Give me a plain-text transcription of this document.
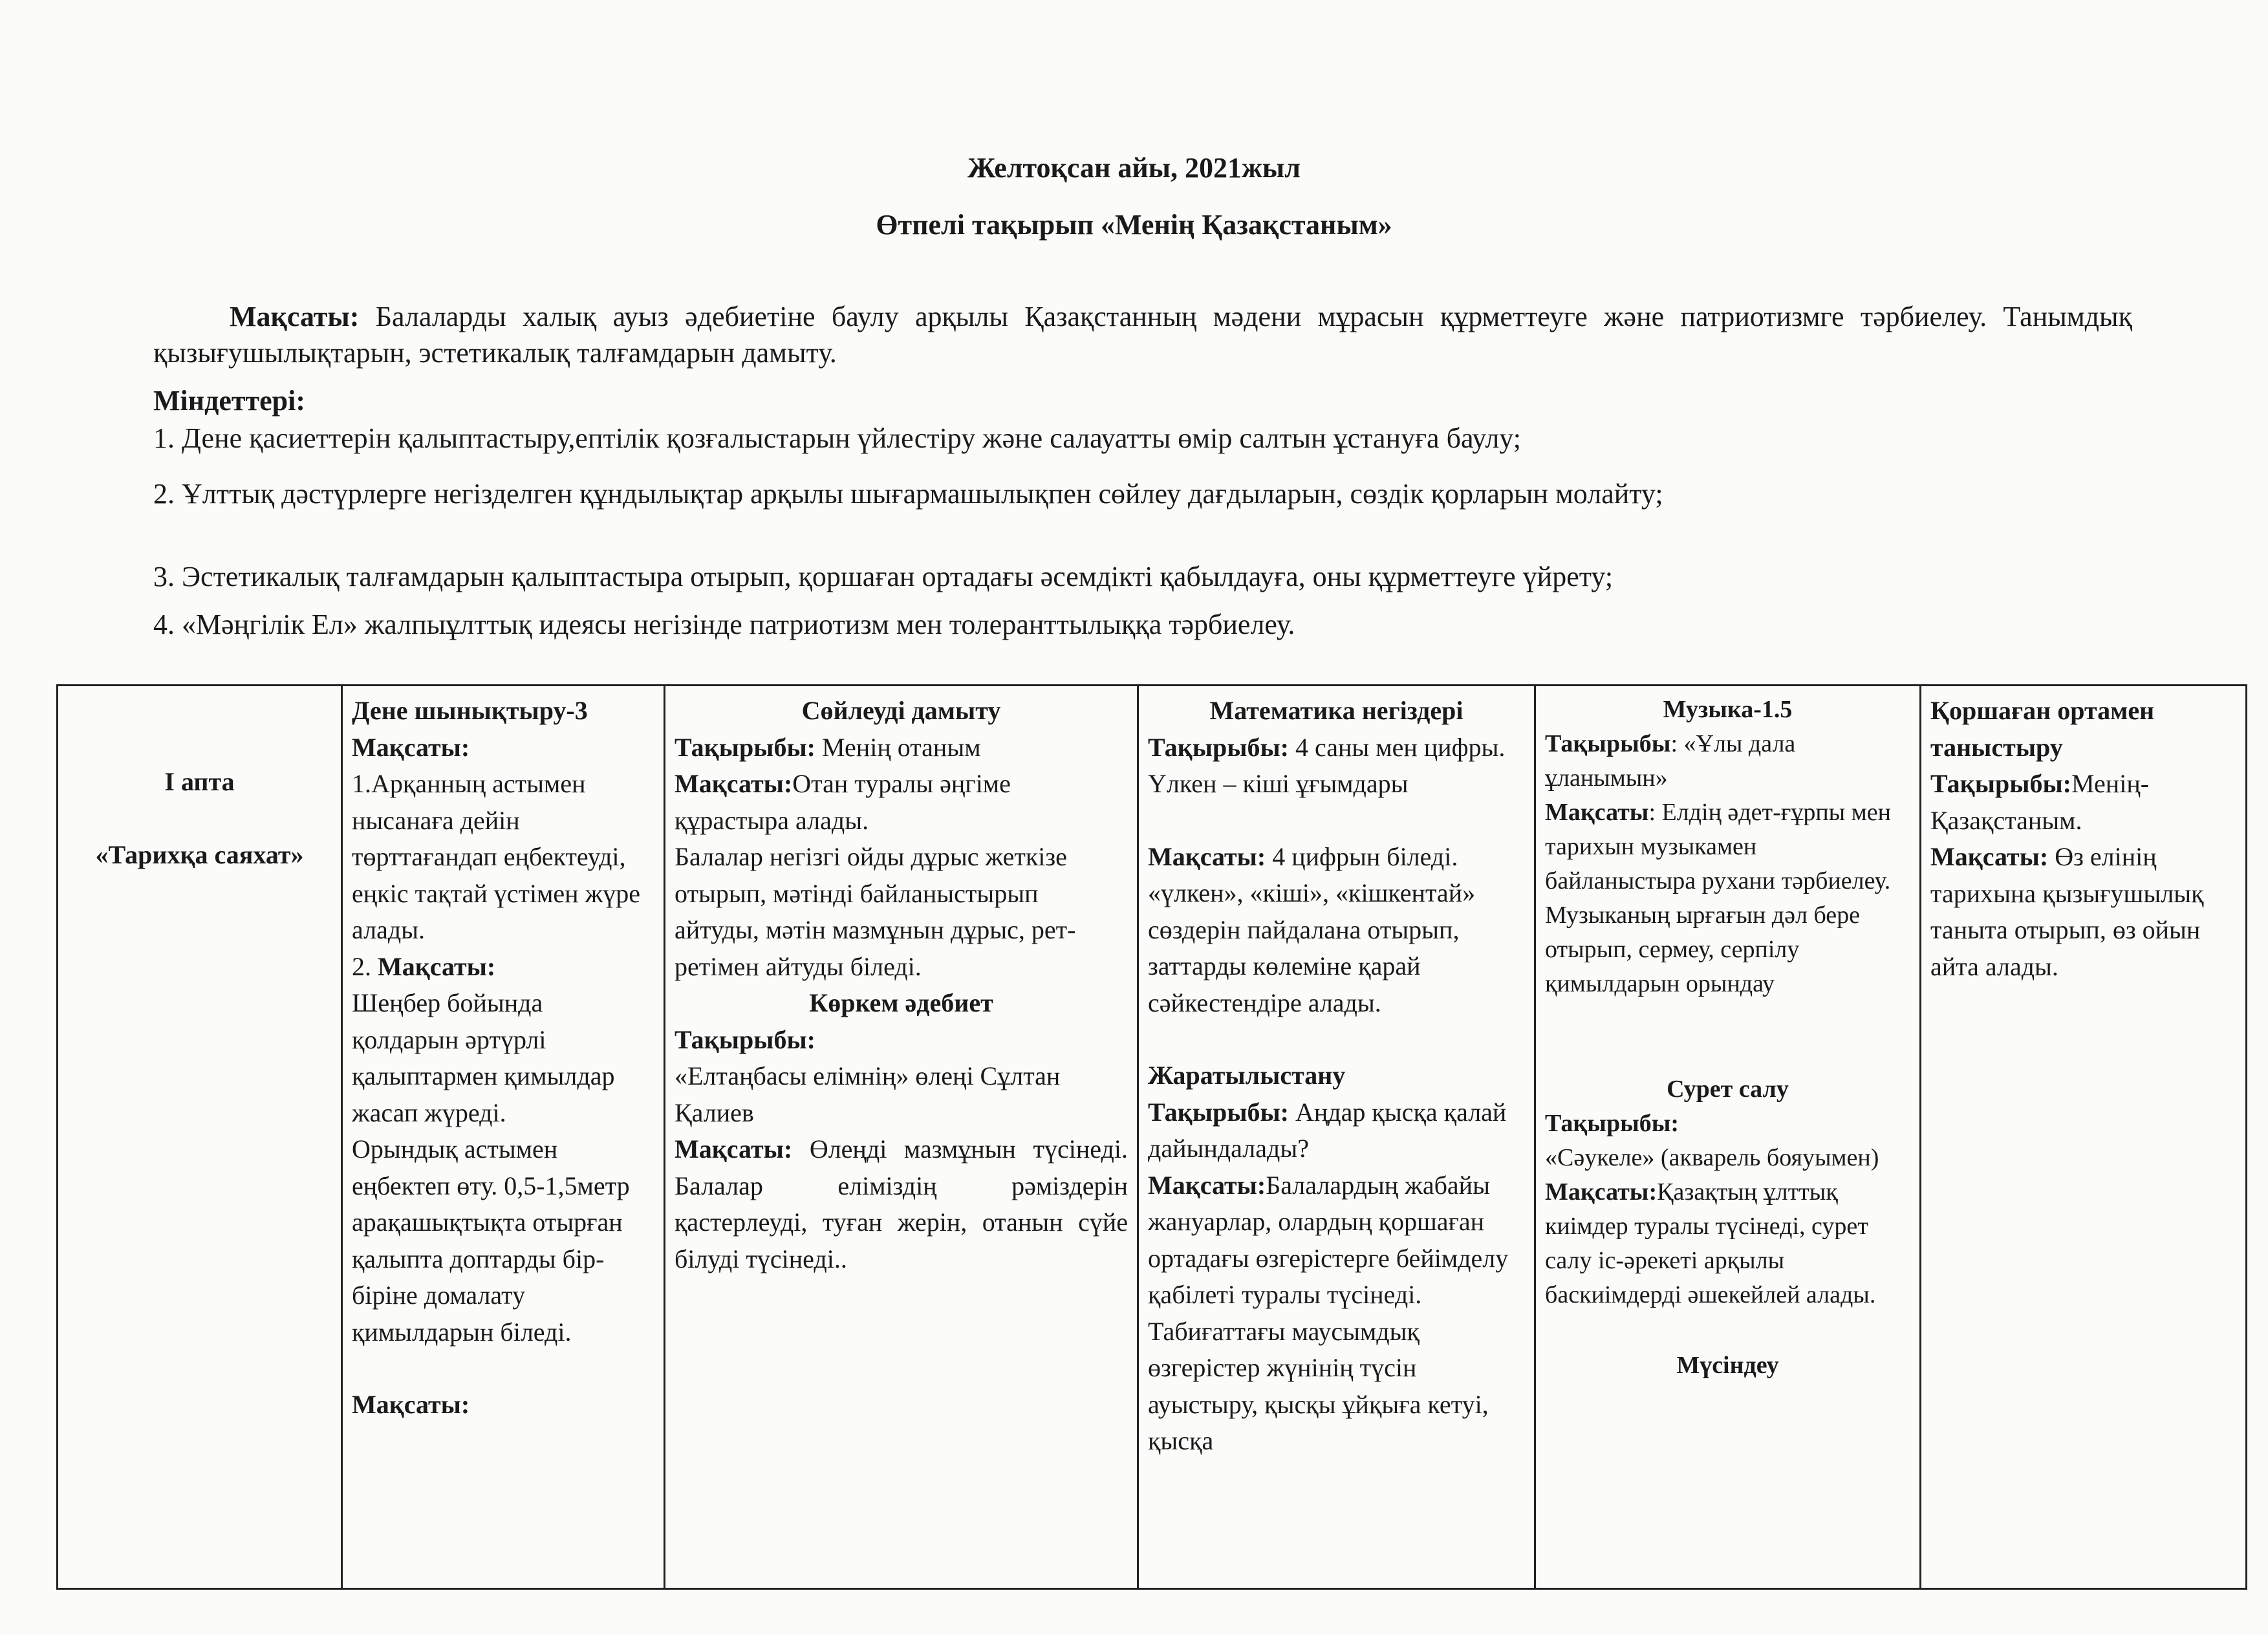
Желтоқсан айы, 2021жыл
Өтпелі тақырып «Менің Қазақстаным»
Мақсаты: Балаларды халық ауыз әдебиетіне баулу арқылы Қазақстанның мәдени мұрасын құрметтеуге және патриотизмге тәрбиелеу. Танымдық қызығушылықтарын, эстетикалық талғамдарын дамыту.
Міндеттері:
1. Дене қасиеттерін қалыптастыру,ептілік қозғалыстарын үйлестіру және салауатты өмір салтын ұстануға баулу;
2. Ұлттық дәстүрлерге негізделген құндылықтар арқылы шығармашылықпен сөйлеу дағдыларын, сөздік қорларын молайту;
3. Эстетикалық талғамдарын қалыптастыра отырып, қоршаған ортадағы әсемдікті қабылдауға, оны құрметтеуге үйрету;
4. «Мәңгілік Ел» жалпыұлттық идеясы негізінде патриотизм мен толеранттылыққа тәрбиелеу.

І апта

«Тарихқа саяхат»

Дене шынықтыру-3

Мақсаты:

1.Арқанның астымен нысанаға дейін төрттағандап еңбектеуді,

еңкіс тақтай үстімен жүре алады.

2. Мақсаты:

Шеңбер бойында қолдарын әртүрлі қалыптармен қимылдар жасап жүреді.

Орындық астымен еңбектеп өту. 0,5-1,5метр арақашықтықта отырған қалыпта доптарды бір-біріне домалату қимылдарын біледі.

Мақсаты:

Сөйлеуді дамыту

Тақырыбы: Менің отаным

Мақсаты:Отан туралы әңгіме құрастыра алады.

Балалар негізгі ойды дұрыс жеткізе отырып, мәтінді байланыстырып айтуды, мәтін мазмұнын дұрыс, рет-ретімен айтуды біледі.

Көркем әдебиет

Тақырыбы:

«Елтаңбасы елімнің» өлеңі Сұлтан Қалиев

Мақсаты: Өлеңді мазмұнын түсінеді. Балалар еліміздің рәміздерін қастерлеуді, туған жерін, отанын сүйе білуді түсінеді..

Математика негіздері

Тақырыбы: 4 саны мен цифры. Үлкен – кіші ұғымдары

Мақсаты: 4 цифрын біледі. «үлкен», «кіші», «кішкентай» сөздерін пайдалана отырып, заттарды көлеміне қарай сәйкестендіре алады.

Жаратылыстану

Тақырыбы: Аңдар қысқа қалай дайындалады?

Мақсаты:Балалардың жабайы жануарлар, олардың қоршаған ортадағы өзгерістерге бейімделу қабілеті туралы түсінеді. Табиғаттағы маусымдық өзгерістер жүнінің түсін ауыстыру, қысқы ұйқыға кетуі, қысқа

Музыка-1.5

Тақырыбы: «Ұлы дала ұланымын»

Мақсаты: Елдің әдет-ғұрпы мен тарихын музыкамен байланыстыра рухани тәрбиелеу. Музыканың ырғағын дәл бере отырып, сермеу, серпілу қимылдарын орындау

Сурет салу

Тақырыбы:

«Сәукеле» (акварель бояуымен)

Мақсаты:Қазақтың ұлттық киімдер туралы түсінеді, сурет салу іс-әрекеті арқылы баскиімдерді әшекейлей алады.

Мүсіндеу

Қоршаған ортамен таныстыру

Тақырыбы:Менің-Қазақстаным.

Мақсаты: Өз елінің тарихына қызығушылық таныта отырып, өз ойын айта алады.
